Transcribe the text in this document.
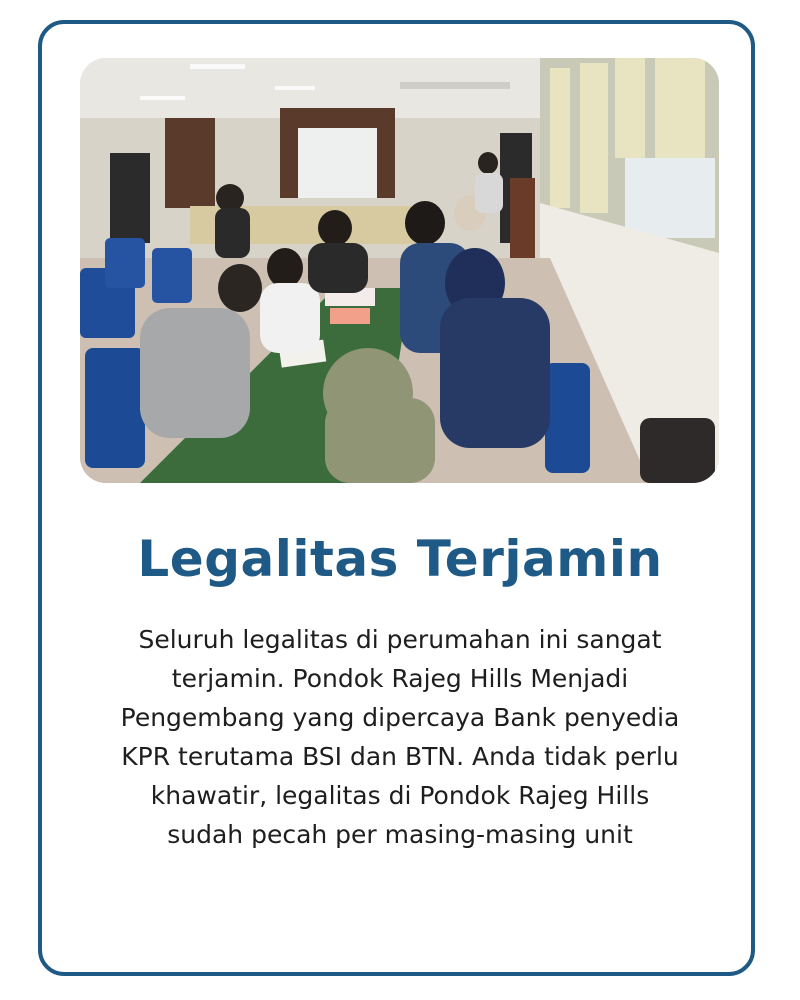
Legalitas Terjamin
Seluruh legalitas di perumahan ini sangat terjamin. Pondok Rajeg Hills Menjadi Pengembang yang dipercaya Bank penyedia KPR terutama BSI dan BTN. Anda tidak perlu khawatir, legalitas di Pondok Rajeg Hills sudah pecah per masing-masing unit
